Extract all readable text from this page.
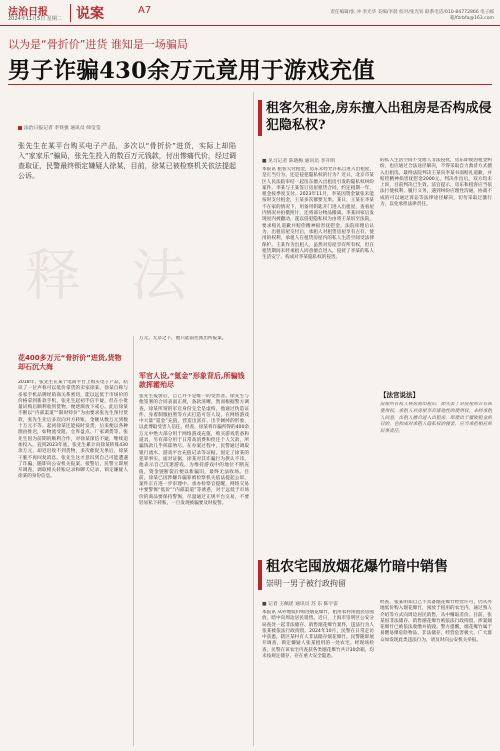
法治日报
2024年11月5日 星期二 说案	A7	责任编辑/张 冲 李光华 美编/李晨 校对/张光钊 联系电话/010-84772866 电子邮箱/fzrbfa@163.com
以为是“骨折价”进货 谁知是一场骗局
男子诈骗430余万元竟用于游戏充值
法治日报记者 李铁强 通讯员 师莹莹
张先生在某平台购买电子产品，多次以“骨折价”进货，实际上却陷入“家家乐”骗局，张先生投入的数百万元钱款，付出惨痛代价，经过调查取证，民警最终锁定嫌疑人徐某，目前，徐某已被检察机关依法提起公诉。
释 法
花400多万元“骨折价”进货,货物却石沉大海
2018年，张先生在某个电商平台上购买电子产品，结识了一位声称可以低价拿货的卖家徐某。徐某自称与多家手机品牌经销商关系密切，能以远低于市场价的价格拿到新款手机，张先生起初半信半疑，但在小批量试购后顺利收到货物，便逐渐放下戒心。此后徐某不断以“内部渠道”“限时特价”为由要求张先生预付货款，张先生先后多次向对方转账，金额从数万元到数十万元不等。起初徐某还能按时发货，后来便以各种理由推迟，如物流受阻、仓库盘点、厂家调货等。张先生因为前期的顺利合作，对徐某深信不疑，继续追加投入。直到2023年底，张先生累计向徐某转账430余万元，却迟迟收不到货物，多次催促无果后，徐某干脆不再回复消息。张先生这才意识到自己可能遭遇了诈骗，随即向公安机关报案。接警后，民警立即展开调查，调取相关转账记录和聊天记录，锁定嫌疑人徐某的身份信息。
万元。无奈之下，他只能前往派出所报案。
军官人设,“氪金”形象背后,所骗钱款挥霍殆尽
张先生报警后，自己并不是唯一的受害者。徐先生与他签署的合同表面正规，条款清晰，然而根据警方调查，徐某所谓的军官身份完全是虚构，他通过伪造证件、身着制服拍照等方式打造可信人设，在网络游戏中大量“氪金”充值，营造出富有、出手阔绰的形象，以此博取受害人信任。经查，徐某将诈骗所得的400余万元中绝大部分用于网络游戏充值，购买游戏装备和道具，另有部分用于日常高消费和偿还个人欠款，所骗钱款几乎挥霍殆尽。在办案过程中，民警通过调取银行流水、游戏平台充值记录等证据，固定了徐某的犯罪事实。面对证据，徐某对其诈骗行为供认不讳，他表示自己沉迷游戏，为维持游戏中的地位不断充值，资金链断裂后便以新骗旧，最终无法收场。目前，徐某已因涉嫌诈骗罪被检察机关依法提起公诉，案件正在进一步审理中。承办检察官提醒，网络交易中要警惕“低价”“内部渠道”等诱惑，对于远低于市场价的商品要保持警惕，尽量通过正规平台交易，不要轻易私下转账，一旦发现被骗要及时报警。
租客欠租金,房东擅入出租房是否构成侵犯隐私权?
■ 见习记者 陈晓梅 通讯员 李开明
本报讯 租客欠付租金，房东未经允许私自进入出租屋，是正当行为，还是侵犯隐私权的行为？近日，北京市某区人民法院审结一起房东擅入出租房引发的隐私权纠纷案件。李某与王某签订房屋租赁合同，约定租期一年，租金按季度支付。2023年11月，李某因资金紧张未能按时支付租金，王某多次催要无果。某日，王某在李某不在家的情况下，用备用钥匙开门进入出租屋，查看屋内情况并拍摄照片，还将部分物品搬离。李某回家后发现屋内被翻动，遂以侵犯隐私权为由将王某诉至法院，要求赔礼道歉并赔偿精神损害抚慰金。法院审理后认为，出租房屋交付后，承租人对租赁房屋享有占有、使用的权利，承租人在租赁房屋内的私人生活空间受法律保护。王某作为出租人，虽然对房屋享有所有权，但在租赁期间未经承租人同意擅自进入，侵扰了李某的私人生活安宁，构成对李某隐私权的侵害。
的私人生活空间不受他人非法侵扰，房东即使因租金纠纷，也应通过合法途径解决，不得采取自力救济方式擅入出租房。最终法院判决王某向李某书面赔礼道歉，并赔偿精神损害抚慰金2000元。判决作出后，双方均未上诉，目前判决已生效。法官提示，房东和租客应当依法行使权利、履行义务，遇到纠纷应理性沟通，协商不成的可以通过诉讼等法律途径解决，切勿采取过激行为，以免承担法律责任。
【法官说法】
房屋所有权人将房屋出租后，即失去了对房屋的占有和使用权，承租人对房屋享有排他性的使用权。未经承租人同意，出租人擅自进入出租房，即使出于催收租金的目的，也构成对承租人隐私权的侵害，应当承担相应的民事责任。
租农宅囤放烟花爆竹暗中销售
崇明一男子被行政拘留
■ 记者 王佩瑶 通讯员 苏 东 陈宇雷
本报讯 从外地低价购进烟花爆竹，租用农村闲置民房囤放，暗中向周边居民销售。近日，上海市崇明区公安分局查处一起非法储存、销售烟花爆竹案件，违法行为人张某被依法行政拘留。2024年10月，民警在日常走访中获悉，辖区某村有人非法储存烟花爆竹。民警随即展开调查，锁定嫌疑人张某租用的一处农宅。经现场检查，民警在该农宅内查获各类烟花爆竹共计30余箱，均未按规定储存，存在重大安全隐患。
经查，张某明知自己不具备烟花爆竹经营许可，仍从外地低价购入烟花爆竹，囤放于租用的农宅内，通过熟人介绍等方式向周边居民销售，从中赚取差价。目前，张某因非法储存、销售烟花爆竹被依法行政拘留，涉案烟花爆竹已被依法收缴并销毁。警方提醒，烟花爆竹属于易燃易爆危险物品，非法储存、经营危害极大，广大群众如发现此类违法行为，请及时向公安机关举报。
